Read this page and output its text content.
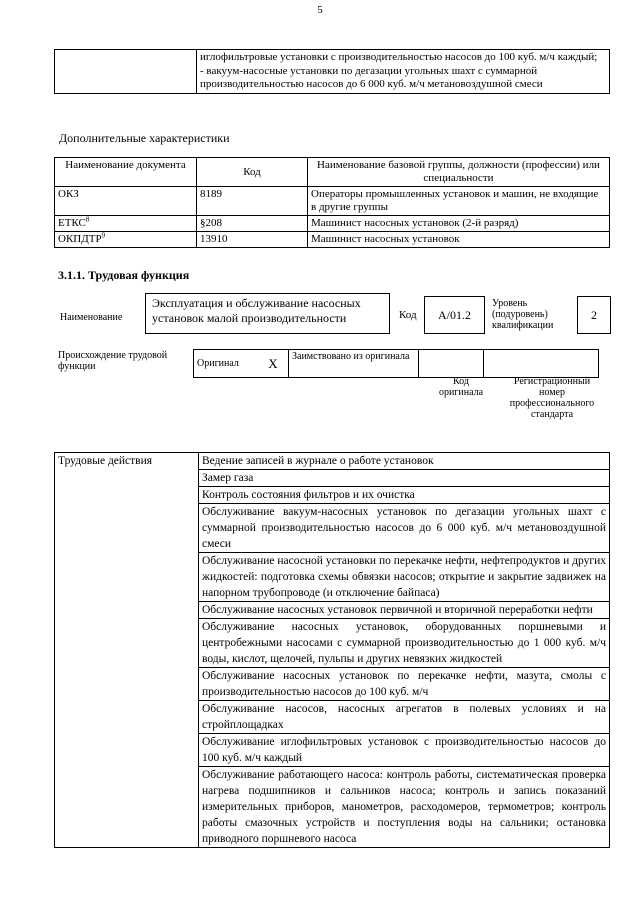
5

иглофильтровые установки с производительностью насосов до 100 куб. м/ч каждый;
- вакуум-насосные установки по дегазации угольных шахт с суммарной производительностью насосов до 6 000 куб. м/ч метановоздушной смеси
Дополнительные характеристики
Наименование документа	Код	Наименование базовой группы, должности (профессии) или специальности
ОКЗ	8189	Операторы промышленных установок и машин, не входящие в другие группы
ЕТКС$^8$	§208	Машинист насосных установок (2-й разряд)
ОКПДТР$^9$	13910	Машинист насосных установок
3.1.1. Трудовая функция
Наименование
Эксплуатация и обслуживание насосных установок малой производительности	Код	А/01.2
Уровень (подуровень) квалификации
2
Происхождение трудовой функции	Оригинал	X	Заимствовано из оригинала		
Код оригинала
Регистрационный номер профессионального стандарта
Трудовые действия	Ведение записей в журнале о работе установок
Замер газа
Контроль состояния фильтров и их очистка
Обслуживание вакуум-насосных установок по дегазации угольных шахт с суммарной производительностью насосов до 6 000 куб. м/ч метановоздушной смеси
Обслуживание насосной установки по перекачке нефти, нефтепродуктов и других жидкостей: подготовка схемы обвязки насосов; открытие и закрытие задвижек на напорном трубопроводе (и отключение байпаса)
Обслуживание насосных установок первичной и вторичной переработки нефти
Обслуживание насосных установок, оборудованных поршневыми и центробежными насосами с суммарной производительностью до 1 000 куб. м/ч воды, кислот, щелочей, пульпы и других невязких жидкостей
Обслуживание насосных установок по перекачке нефти, мазута, смолы с производительностью насосов до 100 куб. м/ч
Обслуживание насосов, насосных агрегатов в полевых условиях и на стройплощадках
Обслуживание иглофильтровых установок с производительностью насосов до 100 куб. м/ч каждый
Обслуживание работающего насоса: контроль работы, систематическая проверка нагрева подшипников и сальников насоса; контроль и запись показаний измерительных приборов, манометров, расходомеров, термометров; контроль работы смазочных устройств и поступления воды на сальники; остановка приводного поршневого насоса
